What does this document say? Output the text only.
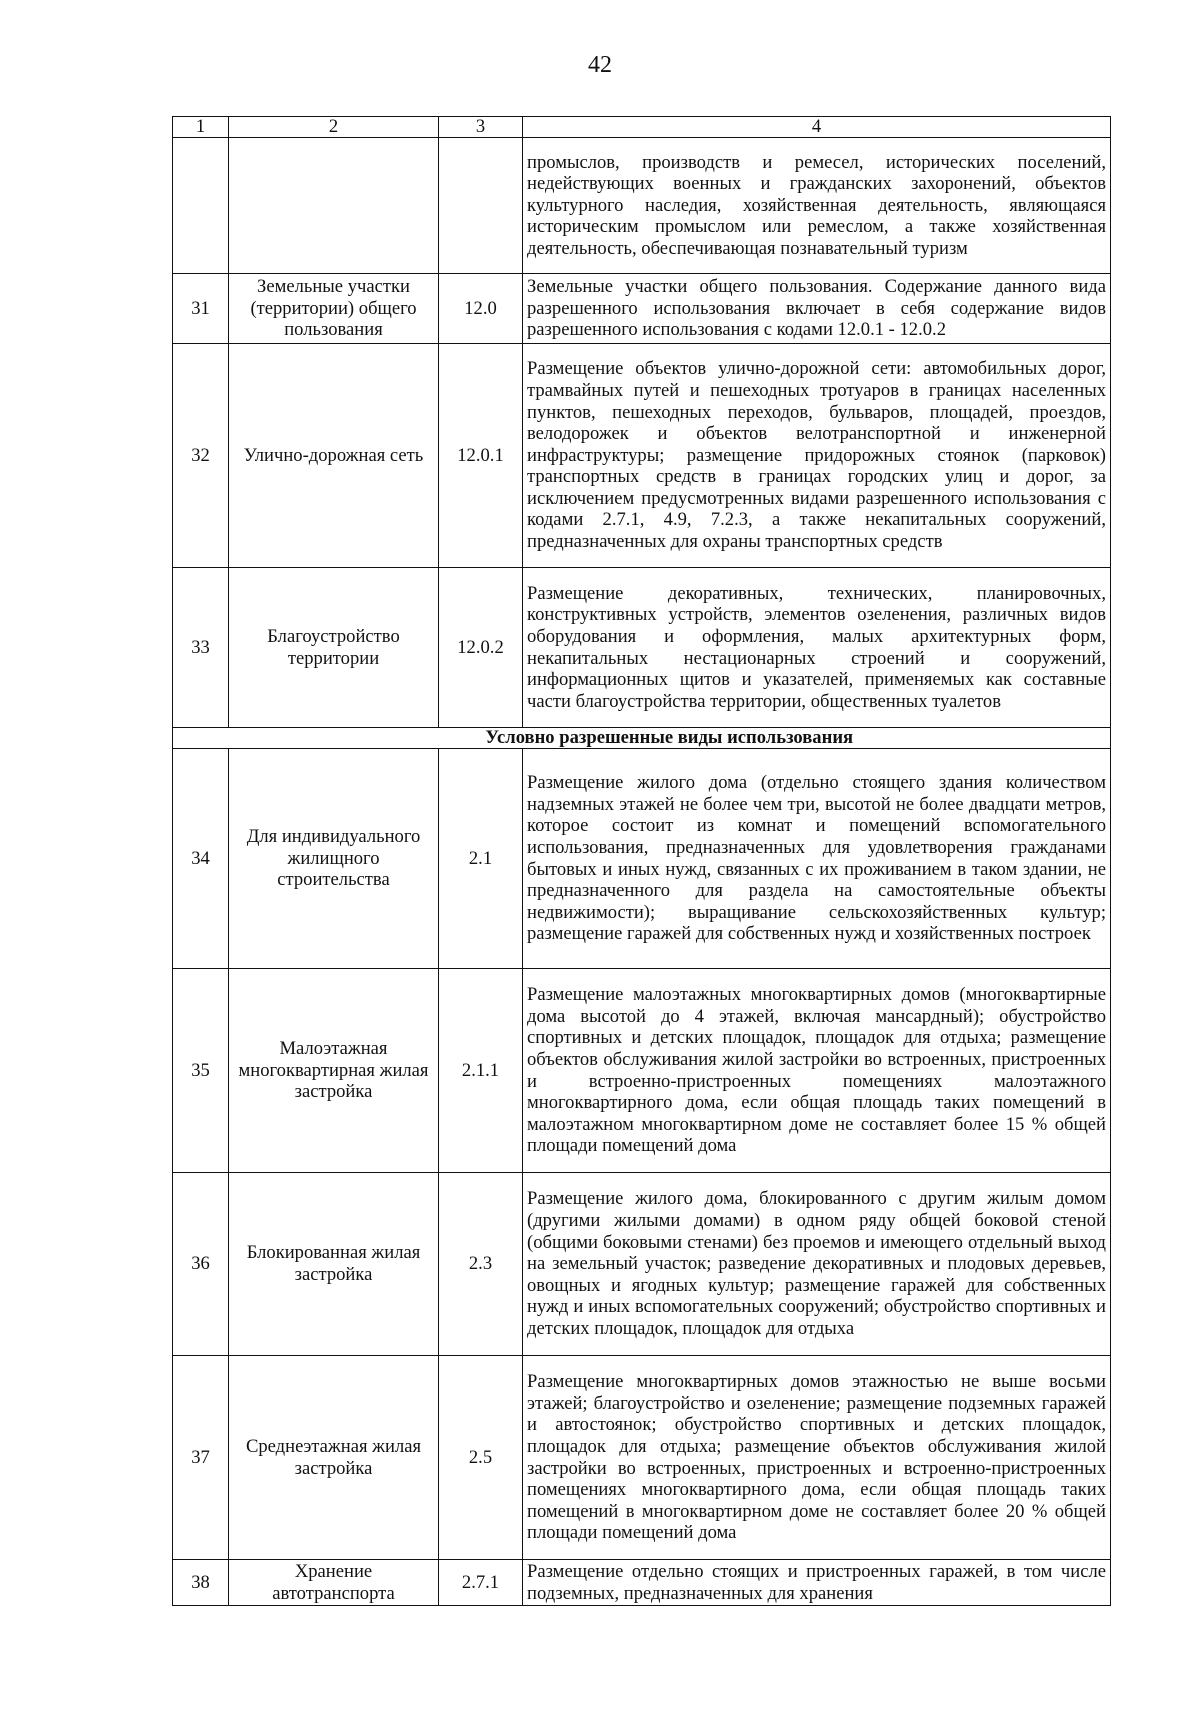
42
1	2	3	4
			промыслов, производств и ремесел, исторических поселений, недействующих военных и гражданских захоронений, объектов культурного наследия, хозяйственная деятельность, являющаяся историческим промыслом или ремеслом, а также хозяйственная деятельность, обеспечивающая познавательный туризм
31	Земельные участки (территории) общего пользования	12.0	Земельные участки общего пользования. Содержание данного вида разрешенного использования включает в себя содержание видов разрешенного использования с кодами 12.0.1 - 12.0.2
32	Улично-дорожная сеть	12.0.1	Размещение объектов улично-дорожной сети: автомобильных дорог, трамвайных путей и пешеходных тротуаров в границах населенных пунктов, пешеходных переходов, бульваров, площадей, проездов, велодорожек и объектов велотранспортной и инженерной инфраструктуры; размещение придорожных стоянок (парковок) транспортных средств в границах городских улиц и дорог, за исключением предусмотренных видами разрешенного использования с кодами 2.7.1, 4.9, 7.2.3, а также некапитальных сооружений, предназначенных для охраны транспортных средств
33	Благоустройство территории	12.0.2	Размещение декоративных, технических, планировочных, конструктивных устройств, элементов озеленения, различных видов оборудования и оформления, малых архитектурных форм, некапитальных нестационарных строений и сооружений, информационных щитов и указателей, применяемых как составные части благоустройства территории, общественных туалетов
	Условно разрешенные виды использования		
34	Для индивидуального жилищного строительства	2.1	Размещение жилого дома (отдельно стоящего здания количеством надземных этажей не более чем три, высотой не более двадцати метров, которое состоит из комнат и помещений вспомогательного использования, предназначенных для удовлетворения гражданами бытовых и иных нужд, связанных с их проживанием в таком здании, не предназначенного для раздела на самостоятельные объекты недвижимости); выращивание сельскохозяйственных культур; размещение гаражей для собственных нужд и хозяйственных построек
35	Малоэтажная многоквартирная жилая застройка	2.1.1	Размещение малоэтажных многоквартирных домов (многоквартирные дома высотой до 4 этажей, включая мансардный); обустройство спортивных и детских площадок, площадок для отдыха; размещение объектов обслуживания жилой застройки во встроенных, пристроенных и встроенно-пристроенных помещениях малоэтажного многоквартирного дома, если общая площадь таких помещений в малоэтажном многоквартирном доме не составляет более 15 % общей площади помещений дома
36	Блокированная жилая застройка	2.3	Размещение жилого дома, блокированного с другим жилым домом (другими жилыми домами) в одном ряду общей боковой стеной (общими боковыми стенами) без проемов и имеющего отдельный выход на земельный участок; разведение декоративных и плодовых деревьев, овощных и ягодных культур; размещение гаражей для собственных нужд и иных вспомогательных сооружений; обустройство спортивных и детских площадок, площадок для отдыха
37	Среднеэтажная жилая застройка	2.5	Размещение многоквартирных домов этажностью не выше восьми этажей; благоустройство и озеленение; размещение подземных гаражей и автостоянок; обустройство спортивных и детских площадок, площадок для отдыха; размещение объектов обслуживания жилой застройки во встроенных, пристроенных и встроенно-пристроенных помещениях многоквартирного дома, если общая площадь таких помещений в многоквартирном доме не составляет более 20 % общей площади помещений дома
38	Хранение автотранспорта	2.7.1	Размещение отдельно стоящих и пристроенных гаражей, в том числе подземных, предназначенных для хранения
